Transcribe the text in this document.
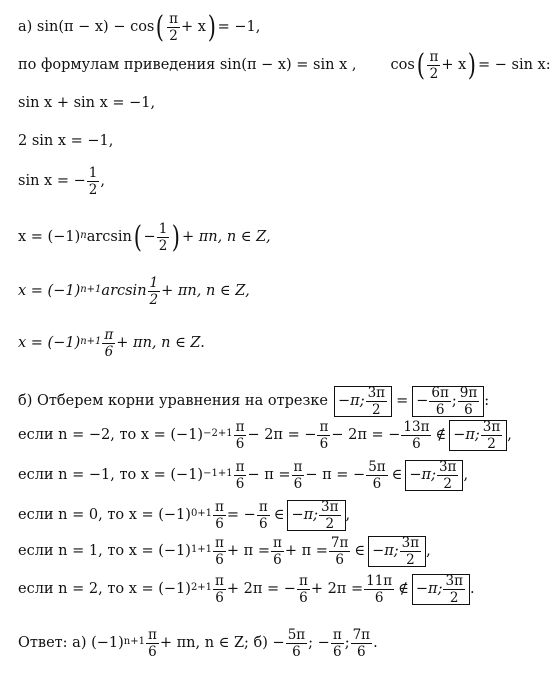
а) sin(π − x) − cos ( $\frac{\pi}{2} + x$ ) = −1,
по формулам приведения sin(π − x) = sin x , cos ( $\frac{\pi}{2} + x$ ) = − sin x:
sin x + sin x = −1,
2 sin x = −1,
sin x = − $\frac{1}{2}$ ,
$x = (-1)^n$ arcsin ( − $\frac{1}{2}$ ) + πn, n ∈ Z,
$x = (-1)^{n+1}$ $\arcsin \frac{1}{2} + \pi n$, n ∈ Z,
$x = (-1)^{n+1} \frac{\pi}{6} + \pi n$, n ∈ Z.
б) Отберем корни уравнения на отрезке −π; $\frac{3\pi}{2}$ = − $\frac{6\pi}{6}$ ; $\frac{9\pi}{6}$ :
если n = −2, то $x = (-1)^{-2+1} \frac{\pi}{6} - 2\pi$ = − $\frac{\pi}{6} - 2\pi$ = − $\frac{13\pi}{6}$ ∉ −π; $\frac{3\pi}{2}$ ,
если n = −1, то $x = (-1)^{-1+1} \frac{\pi}{6} - \pi = \frac{\pi}{6} - \pi$ = − $\frac{5\pi}{6}$ ∈ −π; $\frac{3\pi}{2}$ ,
если n = 0, то $x = (-1)^{0+1} \frac{\pi}{6}$ = − $\frac{\pi}{6}$ ∈ −π; $\frac{3\pi}{2}$ ,
если n = 1, то $x = (-1)^{1+1} \frac{\pi}{6} + \pi = \frac{\pi}{6} + \pi = \frac{7\pi}{6}$ ∈ −π; $\frac{3\pi}{2}$ ,
если n = 2, то $x = (-1)^{2+1} \frac{\pi}{6} + 2\pi$ = − $\frac{\pi}{6} + 2\pi = \frac{11\pi}{6}$ ∉ −π; $\frac{3\pi}{2}$ .
Ответ: а) $(-1)^{n+1} \frac{\pi}{6} + \pi n$, n ∈ Z; $б) - \frac{5\pi}{6}$ ; − $\frac{\pi}{6}$ ; $\frac{7\pi}{6}$ .
